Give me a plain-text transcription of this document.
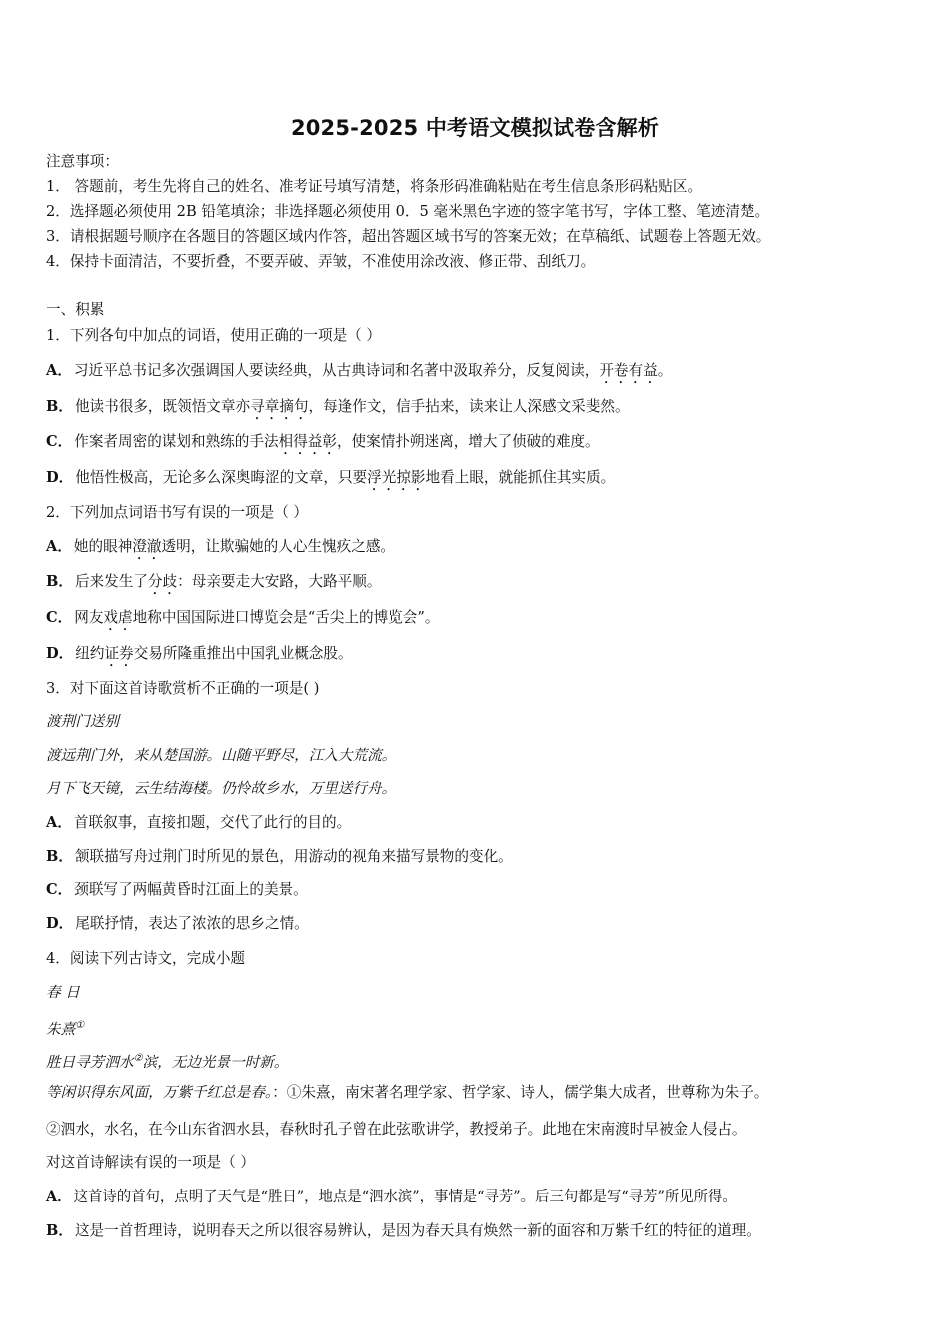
2025-2025 中考语文模拟试卷含解析
注意事项：
1． 答题前，考生先将自己的姓名、准考证号填写清楚，将条形码准确粘贴在考生信息条形码粘贴区。
2．选择题必须使用 2B 铅笔填涂；非选择题必须使用 0．5 毫米黑色字迹的签字笔书写，字体工整、笔迹清楚。
3．请根据题号顺序在各题目的答题区域内作答，超出答题区域书写的答案无效；在草稿纸、试题卷上答题无效。
4．保持卡面清洁，不要折叠，不要弄破、弄皱，不准使用涂改液、修正带、刮纸刀。
一、积累
1．下列各句中加点的词语，使用正确的一项是（ ）
A． 习近平总书记多次强调国人要读经典，从古典诗词和名著中汲取养分，反复阅读，开卷有益。
B． 他读书很多，既领悟文章亦寻章摘句，每逢作文，信手拈来，读来让人深感文采斐然。
C． 作案者周密的谋划和熟练的手法相得益彰，使案情扑朔迷离，增大了侦破的难度。
D． 他悟性极高，无论多么深奥晦涩的文章，只要浮光掠影地看上眼，就能抓住其实质。
2．下列加点词语书写有误的一项是（ ）
A． 她的眼神澄澈透明，让欺骗她的人心生愧疚之感。
B． 后来发生了分歧：母亲要走大安路，大路平顺。
C． 网友戏虐地称中国国际进口博览会是“舌尖上的博览会”。
D． 纽约证券交易所隆重推出中国乳业概念股。
3．对下面这首诗歌赏析不正确的一项是( )
渡荆门送别
渡远荆门外，来从楚国游。山随平野尽，江入大荒流。
月下飞天镜，云生结海楼。仍怜故乡水，万里送行舟。
A． 首联叙事，直接扣题，交代了此行的目的。
B． 颔联描写舟过荆门时所见的景色，用游动的视角来描写景物的变化。
C． 颈联写了两幅黄昏时江面上的美景。
D． 尾联抒情，表达了浓浓的思乡之情。
4．阅读下列古诗文，完成小题
春 日
朱熹①
胜日寻芳泗水②滨，无边光景一时新。
等闲识得东风面，万紫千红总是春。：①朱熹，南宋著名理学家、哲学家、诗人，儒学集大成者，世尊称为朱子。
②泗水，水名，在今山东省泗水县，春秋时孔子曾在此弦歌讲学，教授弟子。此地在宋南渡时早被金人侵占。
对这首诗解读有误的一项是（ ）
A． 这首诗的首句，点明了天气是“胜日”，地点是“泗水滨”，事情是“寻芳”。后三句都是写“寻芳”所见所得。
B． 这是一首哲理诗，说明春天之所以很容易辨认，是因为春天具有焕然一新的面容和万紫千红的特征的道理。
